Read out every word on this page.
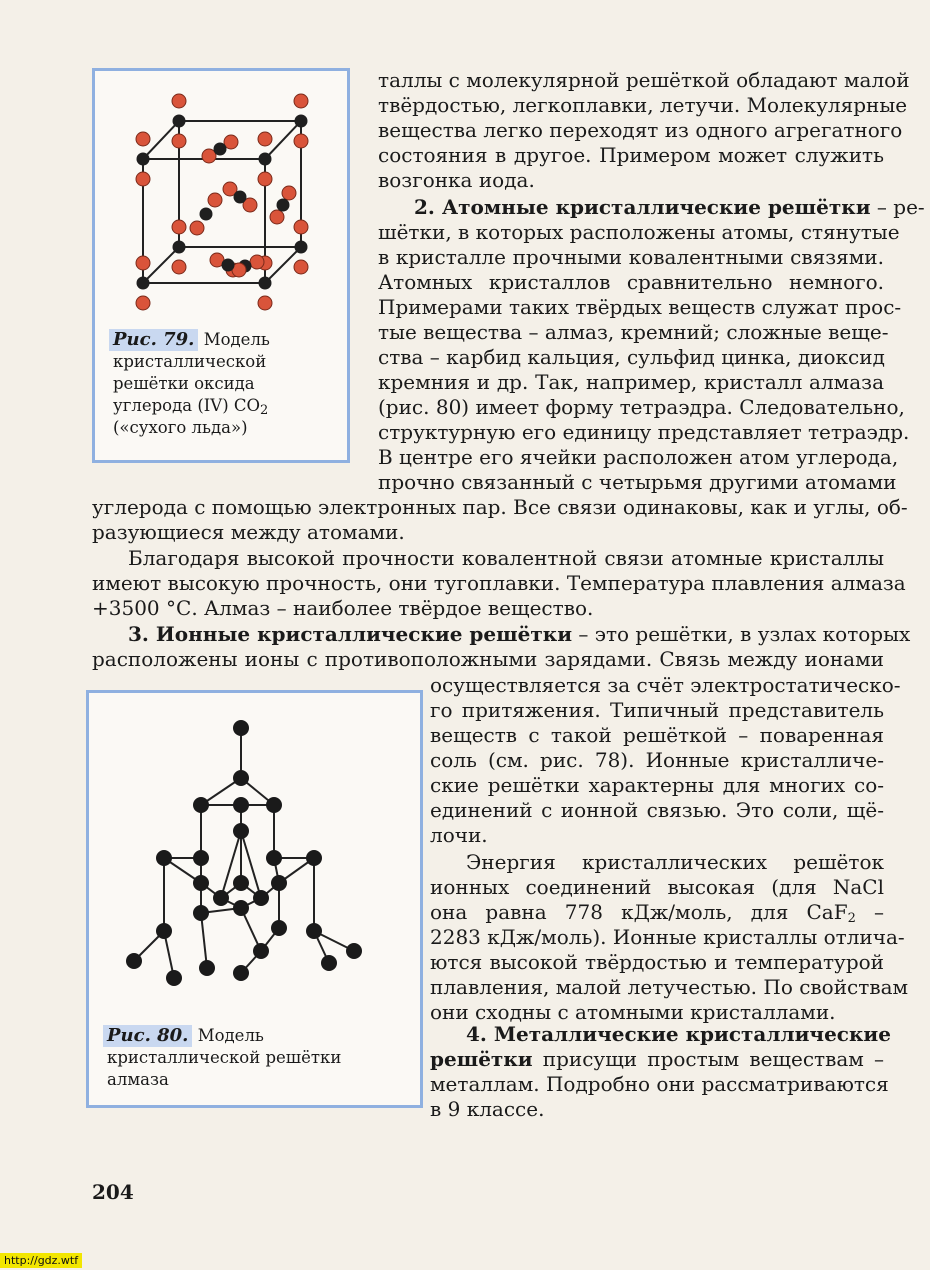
Рис. 79. Модель
кристаллической
решётки оксида
углерода (IV) $CO_2$
(«сухого льда»)
Рис. 80. Модель
кристаллической решётки
алмаза
таллы с молекулярной решёткой обладают малой
твёрдостью, легкоплавки, летучи. Молекулярные
вещества легко переходят из одного агрегатного
состояния в другое. Примером может служить
возгонка иода.
2. Атомные кристаллические решётки – ре-
шётки, в которых расположены атомы, стянутые
в кристалле прочными ковалентными связями.
Атомных кристаллов сравнительно немного.
Примерами таких твёрдых веществ служат прос-
тые вещества – алмаз, кремний; сложные веще-
ства – карбид кальция, сульфид цинка, диоксид
кремния и др. Так, например, кристалл алмаза
(рис. 80) имеет форму тетраэдра. Следовательно,
структурную его единицу представляет тетраэдр.
В центре его ячейки расположен атом углерода,
прочно связанный с четырьмя другими атомами
углерода с помощью электронных пар. Все связи одинаковы, как и углы, об-
разующиеся между атомами.
Благодаря высокой прочности ковалентной связи атомные кристаллы
имеют высокую прочность, они тугоплавки. Температура плавления алмаза
+3500 °С. Алмаз – наиболее твёрдое вещество.
3. Ионные кристаллические решётки – это решётки, в узлах которых
расположены ионы с противоположными зарядами. Связь между ионами
осуществляется за счёт электростатическо-
го притяжения. Типичный представитель
веществ с такой решёткой – поваренная
соль (см. рис. 78). Ионные кристалличе-
ские решётки характерны для многих со-
единений с ионной связью. Это соли, щё-
лочи.
Энергия кристаллических решёток
ионных соединений высокая (для NaCl
она равна 778 кДж/моль, для CaF$_2$ –
2283 кДж/моль). Ионные кристаллы отлича-
ются высокой твёрдостью и температурой
плавления, малой летучестью. По свойствам
они сходны с атомными кристаллами.
4. Металлические кристаллические
решётки присущи простым веществам –
металлам. Подробно они рассматриваются
в 9 классе.
204
http://gdz.wtf
